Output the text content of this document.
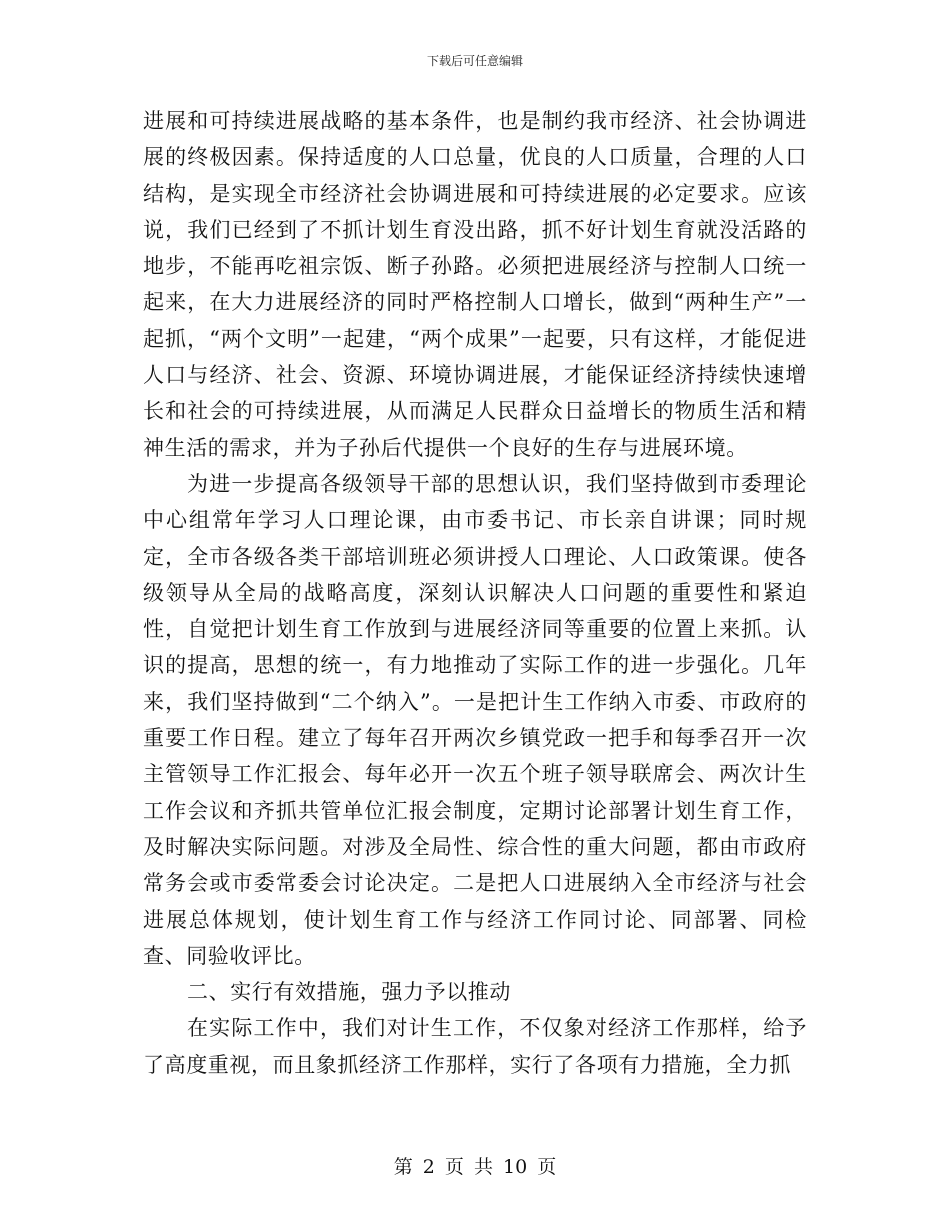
下载后可任意编辑

进展和可持续进展战略的基本条件，也是制约我市经济、社会协调进展的终极因素。保持适度的人口总量，优良的人口质量，合理的人口结构，是实现全市经济社会协调进展和可持续进展的必定要求。应该说，我们已经到了不抓计划生育没出路，抓不好计划生育就没活路的地步，不能再吃祖宗饭、断子孙路。必须把进展经济与控制人口统一起来，在大力进展经济的同时严格控制人口增长，做到“两种生产”一起抓，“两个文明”一起建，“两个成果”一起要，只有这样，才能促进人口与经济、社会、资源、环境协调进展，才能保证经济持续快速增长和社会的可持续进展，从而满足人民群众日益增长的物质生活和精神生活的需求，并为子孙后代提供一个良好的生存与进展环境。

为进一步提高各级领导干部的思想认识，我们坚持做到市委理论中心组常年学习人口理论课，由市委书记、市长亲自讲课；同时规定，全市各级各类干部培训班必须讲授人口理论、人口政策课。使各级领导从全局的战略高度，深刻认识解决人口问题的重要性和紧迫性，自觉把计划生育工作放到与进展经济同等重要的位置上来抓。认识的提高，思想的统一，有力地推动了实际工作的进一步强化。几年来，我们坚持做到“二个纳入”。一是把计生工作纳入市委、市政府的重要工作日程。建立了每年召开两次乡镇党政一把手和每季召开一次主管领导工作汇报会、每年必开一次五个班子领导联席会、两次计生工作会议和齐抓共管单位汇报会制度，定期讨论部署计划生育工作，及时解决实际问题。对涉及全局性、综合性的重大问题，都由市政府常务会或市委常委会讨论决定。二是把人口进展纳入全市经济与社会进展总体规划，使计划生育工作与经济工作同讨论、同部署、同检查、同验收评比。

二、实行有效措施，强力予以推动

在实际工作中，我们对计生工作，不仅象对经济工作那样，给予了高度重视，而且象抓经济工作那样，实行了各项有力措施，全力抓

第 2 页 共 10 页
